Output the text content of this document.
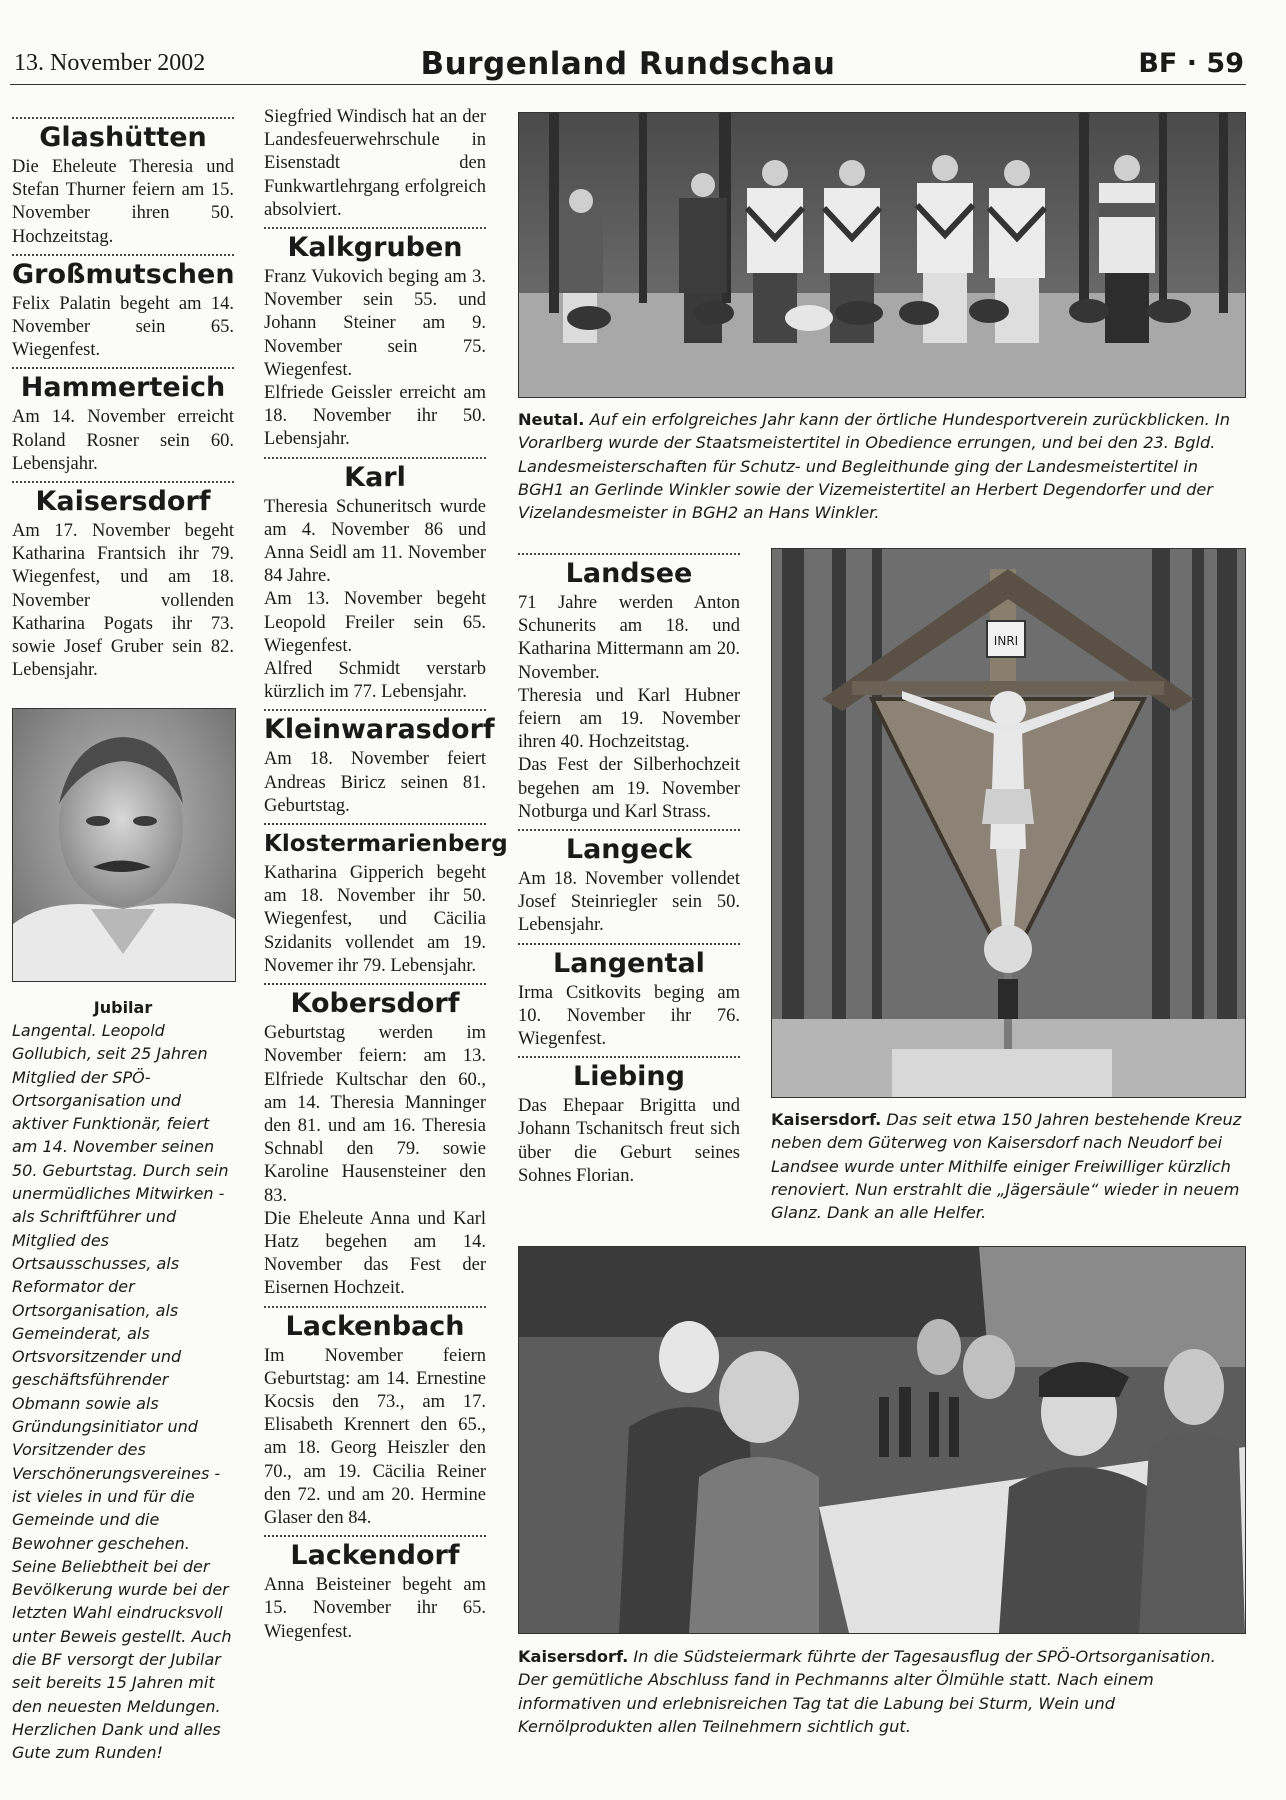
13. November 2002	Burgenland Rundschau	BF · 59
Glashütten

Die Eheleute Theresia und Stefan Thurner feiern am 15. November ihren 50. Hochzeitstag.

Großmutschen

Felix Palatin begeht am 14. November sein 65. Wiegenfest.

Hammerteich

Am 14. November erreicht Roland Rosner sein 60. Lebensjahr.

Kaisersdorf

Am 17. November begeht Katharina Frantsich ihr 79. Wiegenfest, und am 18. November vollenden Katharina Pogats ihr 73. sowie Josef Gruber sein 82. Lebensjahr.

Jubilar

Langental. Leopold Gollubich, seit 25 Jahren Mitglied der SPÖ-Ortsorganisation und aktiver Funktionär, feiert am 14. November seinen 50. Geburtstag. Durch sein unermüdliches Mitwirken - als Schriftführer und Mitglied des Ortsausschusses, als Reformator der Ortsorganisation, als Gemeinderat, als Ortsvorsitzender und geschäftsführender Obmann sowie als Gründungsinitiator und Vorsitzender des Verschönerungsvereines - ist vieles in und für die Gemeinde und die Bewohner geschehen. Seine Beliebtheit bei der Bevölkerung wurde bei der letzten Wahl eindrucksvoll unter Beweis gestellt. Auch die BF versorgt der Jubilar seit bereits 15 Jahren mit den neuesten Meldungen. Herzlichen Dank und alles Gute zum Runden!

Siegfried Windisch hat an der Landesfeuerwehrschule in Eisenstadt den Funkwartlehrgang erfolgreich absolviert.

Kalkgruben

Franz Vukovich beging am 3. November sein 55. und Johann Steiner am 9. November sein 75. Wiegenfest.

Elfriede Geissler erreicht am 18. November ihr 50. Lebensjahr.

Karl

Theresia Schuneritsch wurde am 4. November 86 und Anna Seidl am 11. November 84 Jahre.

Am 13. November begeht Leopold Freiler sein 65. Wiegenfest.

Alfred Schmidt verstarb kürzlich im 77. Lebensjahr.

Kleinwarasdorf

Am 18. November feiert Andreas Biricz seinen 81. Geburtstag.

Klostermarienberg

Katharina Gipperich begeht am 18. November ihr 50. Wiegenfest, und Cäcilia Szidanits vollendet am 19. Novemer ihr 79. Lebensjahr.

Kobersdorf

Geburtstag werden im November feiern: am 13. Elfriede Kultschar den 60., am 14. Theresia Manninger den 81. und am 16. Theresia Schnabl den 79. sowie Karoline Hausensteiner den 83.

Die Eheleute Anna und Karl Hatz begehen am 14. November das Fest der Eisernen Hochzeit.

Lackenbach

Im November feiern Geburtstag: am 14. Ernestine Kocsis den 73., am 17. Elisabeth Krennert den 65., am 18. Georg Heiszler den 70., am 19. Cäcilia Reiner den 72. und am 20. Hermine Glaser den 84.

Lackendorf

Anna Beisteiner begeht am 15. November ihr 65. Wiegenfest.

Neutal. Auf ein erfolgreiches Jahr kann der örtliche Hundesportverein zurückblicken. In Vorarlberg wurde der Staatsmeistertitel in Obedience errungen, und bei den 23. Bgld. Landesmeisterschaften für Schutz- und Begleithunde ging der Landesmeistertitel in BGH1 an Gerlinde Winkler sowie der Vizemeistertitel an Herbert Degendorfer und der Vizelandesmeister in BGH2 an Hans Winkler.

Landsee

71 Jahre werden Anton Schunerits am 18. und Katharina Mittermann am 20. November.

Theresia und Karl Hubner feiern am 19. November ihren 40. Hochzeitstag.

Das Fest der Silberhochzeit begehen am 19. November Notburga und Karl Strass.

Langeck

Am 18. November vollendet Josef Steinriegler sein 50. Lebensjahr.

Langental

Irma Csitkovits beging am 10. November ihr 76. Wiegenfest.

Liebing

Das Ehepaar Brigitta und Johann Tschanitsch freut sich über die Geburt seines Sohnes Florian.

INRI

Kaisersdorf. Das seit etwa 150 Jahren bestehende Kreuz neben dem Güterweg von Kaisersdorf nach Neudorf bei Landsee wurde unter Mithilfe einiger Freiwilliger kürzlich renoviert. Nun erstrahlt die „Jägersäule“ wieder in neuem Glanz. Dank an alle Helfer.

Kaisersdorf. In die Südsteiermark führte der Tagesausflug der SPÖ-Ortsorganisation. Der gemütliche Abschluss fand in Pechmanns alter Ölmühle statt. Nach einem informativen und erlebnisreichen Tag tat die Labung bei Sturm, Wein und Kernölprodukten allen Teilnehmern sichtlich gut.
